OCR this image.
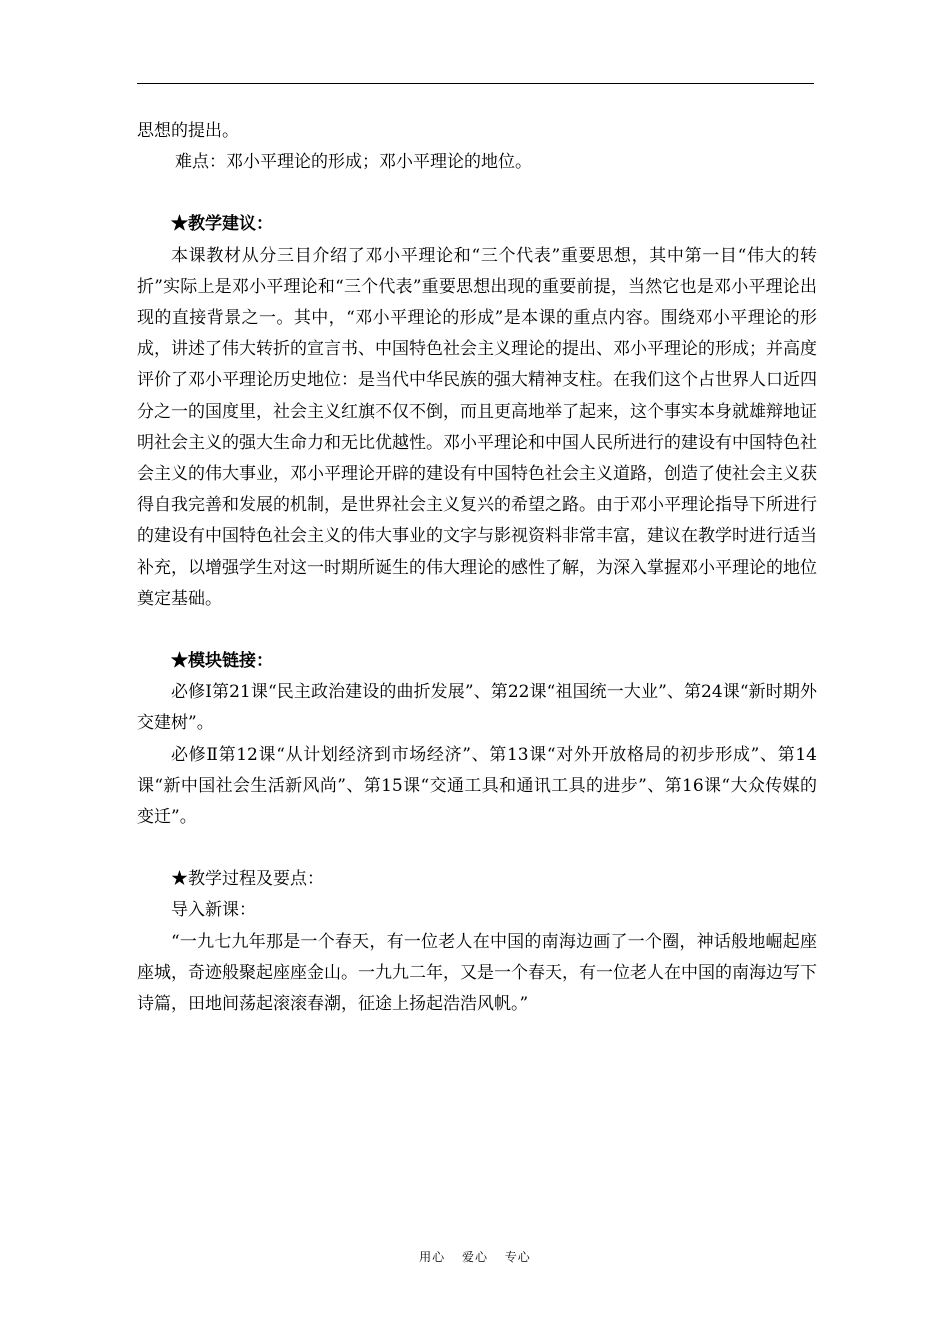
思想的提出。

难点：邓小平理论的形成；邓小平理论的地位。

★教学建议：

本课教材从分三目介绍了邓小平理论和“三个代表”重要思想，其中第一目“伟大的转折”实际上是邓小平理论和“三个代表”重要思想出现的重要前提，当然它也是邓小平理论出现的直接背景之一。其中，“邓小平理论的形成”是本课的重点内容。围绕邓小平理论的形成，讲述了伟大转折的宣言书、中国特色社会主义理论的提出、邓小平理论的形成；并高度评价了邓小平理论历史地位：是当代中华民族的强大精神支柱。在我们这个占世界人口近四分之一的国度里，社会主义红旗不仅不倒，而且更高地举了起来，这个事实本身就雄辩地证明社会主义的强大生命力和无比优越性。邓小平理论和中国人民所进行的建设有中国特色社会主义的伟大事业，邓小平理论开辟的建设有中国特色社会主义道路，创造了使社会主义获得自我完善和发展的机制，是世界社会主义复兴的希望之路。由于邓小平理论指导下所进行的建设有中国特色社会主义的伟大事业的文字与影视资料非常丰富，建议在教学时进行适当补充，以增强学生对这一时期所诞生的伟大理论的感性了解，为深入掌握邓小平理论的地位奠定基础。

★模块链接：

必修Ⅰ第21课“民主政治建设的曲折发展”、第22课“祖国统一大业”、第24课“新时期外交建树”。

必修Ⅱ第12课“从计划经济到市场经济”、第13课“对外开放格局的初步形成”、第14课“新中国社会生活新风尚”、第15课“交通工具和通讯工具的进步”、第16课“大众传媒的变迁”。

★教学过程及要点：

导入新课：

“一九七九年那是一个春天，有一位老人在中国的南海边画了一个圈，神话般地崛起座座城，奇迹般聚起座座金山。一九九二年，又是一个春天，有一位老人在中国的南海边写下诗篇，田地间荡起滚滚春潮，征途上扬起浩浩风帆。”

用心 爱心 专心
